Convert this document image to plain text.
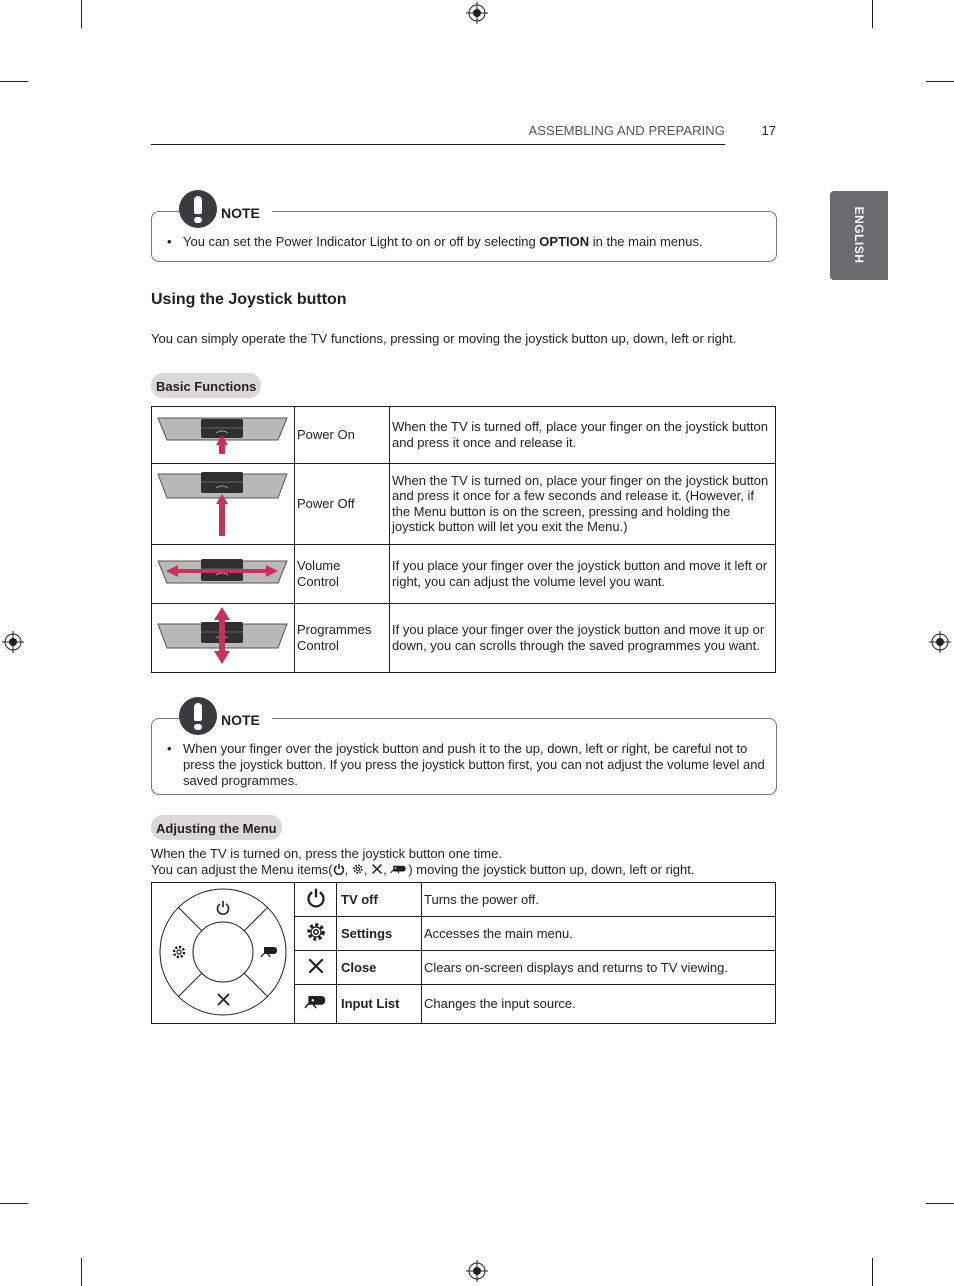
ASSEMBLING AND PREPARING	17
ENGLISH
NOTE
• You can set the Power Indicator Light to on or off by selecting OPTION in the main menus.
Using the Joystick button
You can simply operate the TV functions, pressing or moving the joystick button up, down, left or right.
Basic Functions
	Power On	When the TV is turned off, place your finger on the joystick button and press it once and release it.
	Power Off	When the TV is turned on, place your finger on the joystick button and press it once for a few seconds and release it. (However, if the Menu button is on the screen, pressing and holding the joystick button will let you exit the Menu.)
	Volume
Control	If you place your finger over the joystick button and move it left or right, you can adjust the volume level you want.
	Programmes
Control	If you place your finger over the joystick button and move it up or down, you can scrolls through the saved programmes you want.
NOTE
• When your finger over the joystick button and push it to the up, down, left or right, be careful not to press the joystick button. If you press the joystick button first, you can not adjust the volume level and saved programmes.
Adjusting the Menu
When the TV is turned on, press the joystick button one time.
You can adjust the Menu items( , , , ) moving the joystick button up, down, left or right.
		TV off	Turns the power off.
	Settings	Accesses the main menu.
	Close	Clears on-screen displays and returns to TV viewing.
	Input List	Changes the input source.
